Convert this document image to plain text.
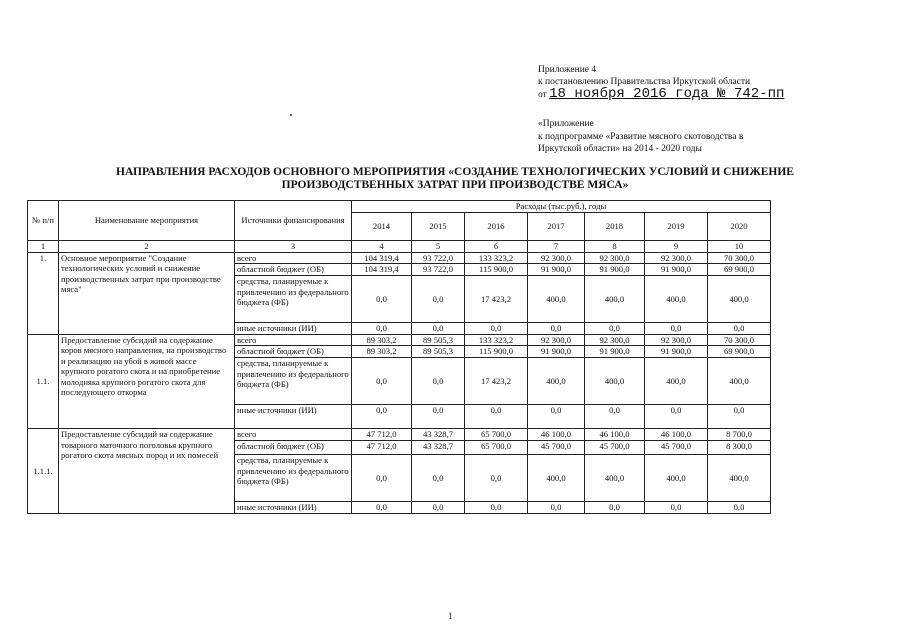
Приложение 4
к постановлению Правительства Иркутской области
от 18 ноября 2016 года № 742-пп
«Приложение
к подпрограмме «Развитие мясного скотоводства в
Иркутской области» на 2014 - 2020 годы
НАПРАВЛЕНИЯ РАСХОДОВ ОСНОВНОГО МЕРОПРИЯТИЯ «СОЗДАНИЕ ТЕХНОЛОГИЧЕСКИХ УСЛОВИЙ И СНИЖЕНИЕ
ПРОИЗВОДСТВЕННЫХ ЗАТРАТ ПРИ ПРОИЗВОДСТВЕ МЯСА»
№ п/п	Наименование мероприятия	Источники финансирования	Расходы (тыс.руб.), годы						
			2014	2015	2016	2017	2018	2019	2020
1	2	3	4	5	6	7	8	9	10
1.	Основное мероприятие "Создание технологических условий и снижение производственных затрат при производстве мяса"	всего	104 319,4	93 722,0	133 323,2	92 300,0	92 300,0	92 300,0	70 300,0
		областной бюджет (ОБ)	104 319,4	93 722,0	115 900,0	91 900,0	91 900,0	91 900,0	69 900,0
		средства, планируемые к привлечению из федерального бюджета (ФБ)	0,0	0,0	17 423,2	400,0	400,0	400,0	400,0
		иные источники (ИИ)	0,0	0,0	0,0	0,0	0,0	0,0	0,0
1.1.	Предоставление субсидий на содержание коров мясного направления, на производство и реализацию на убой в живой массе крупного рогатого скота и на приобретение молодняка крупного рогатого скота для последующего откорма	всего	89 303,2	89 505,3	133 323,2	92 300,0	92 300,0	92 300,0	70 300,0
		областной бюджет (ОБ)	89 303,2	89 505,3	115 900,0	91 900,0	91 900,0	91 900,0	69 900,0
		средства, планируемые к привлечению из федерального бюджета (ФБ)	0,0	0,0	17 423,2	400,0	400,0	400,0	400,0
		иные источники (ИИ)	0,0	0,0	0,0	0,0	0,0	0,0	0,0
1.1.1.	Предоставление субсидий на содержание товарного маточного поголовья крупного рогатого скота мясных пород и их помесей	всего	47 712,0	43 328,7	65 700,0	46 100,0	46 100,0	46 100,0	8 700,0
		областной бюджет (ОБ)	47 712,0	43 328,7	65 700,0	45 700,0	45 700,0	45 700,0	8 300,0
		средства, планируемые к привлечению из федерального бюджета (ФБ)	0,0	0,0	0,0	400,0	400,0	400,0	400,0
		иные источники (ИИ)	0,0	0,0	0,0	0,0	0,0	0,0	0,0
1
